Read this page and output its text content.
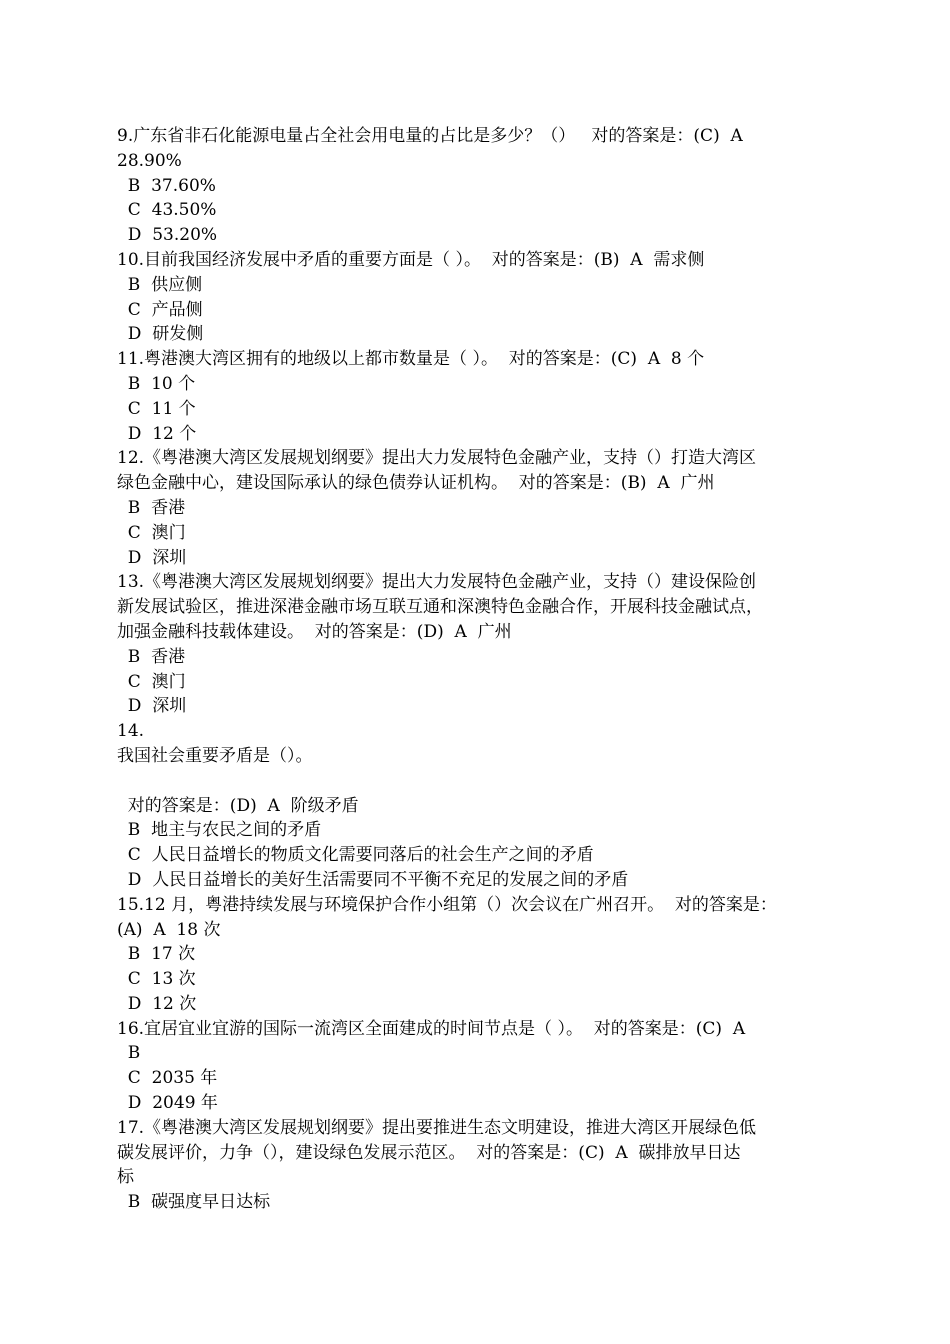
9.广东省非石化能源电量占全社会用电量的占比是多少？（）   对的答案是：(C)  A
28.90%
B  37.60%
C  43.50%
D  53.20%
10.目前我国经济发展中矛盾的重要方面是（ ）。  对的答案是：(B)  A  需求侧
B  供应侧
C  产品侧
D  研发侧
11.粤港澳大湾区拥有的地级以上都市数量是（ ）。  对的答案是：(C)  A  8 个
B  10 个
C  11 个
D  12 个
12.《粤港澳大湾区发展规划纲要》提出大力发展特色金融产业，支持（）打造大湾区
绿色金融中心，建设国际承认的绿色债券认证机构。  对的答案是：(B)  A  广州
B  香港
C  澳门
D  深圳
13.《粤港澳大湾区发展规划纲要》提出大力发展特色金融产业，支持（）建设保险创
新发展试验区，推进深港金融市场互联互通和深澳特色金融合作，开展科技金融试点，
加强金融科技载体建设。  对的答案是：(D)  A  广州
B  香港
C  澳门
D  深圳
14.
我国社会重要矛盾是（）。
对的答案是：(D)  A  阶级矛盾
B  地主与农民之间的矛盾
C  人民日益增长的物质文化需要同落后的社会生产之间的矛盾
D  人民日益增长的美好生活需要同不平衡不充足的发展之间的矛盾
15.12 月，粤港持续发展与环境保护合作小组第（）次会议在广州召开。  对的答案是：
(A)  A  18 次
B  17 次
C  13 次
D  12 次
16.宜居宜业宜游的国际一流湾区全面建成的时间节点是（ ）。  对的答案是：(C)  A
B
C  2035 年
D  2049 年
17.《粤港澳大湾区发展规划纲要》提出要推进生态文明建设，推进大湾区开展绿色低
碳发展评价，力争（），建设绿色发展示范区。  对的答案是：(C)  A  碳排放早日达
标
B  碳强度早日达标
